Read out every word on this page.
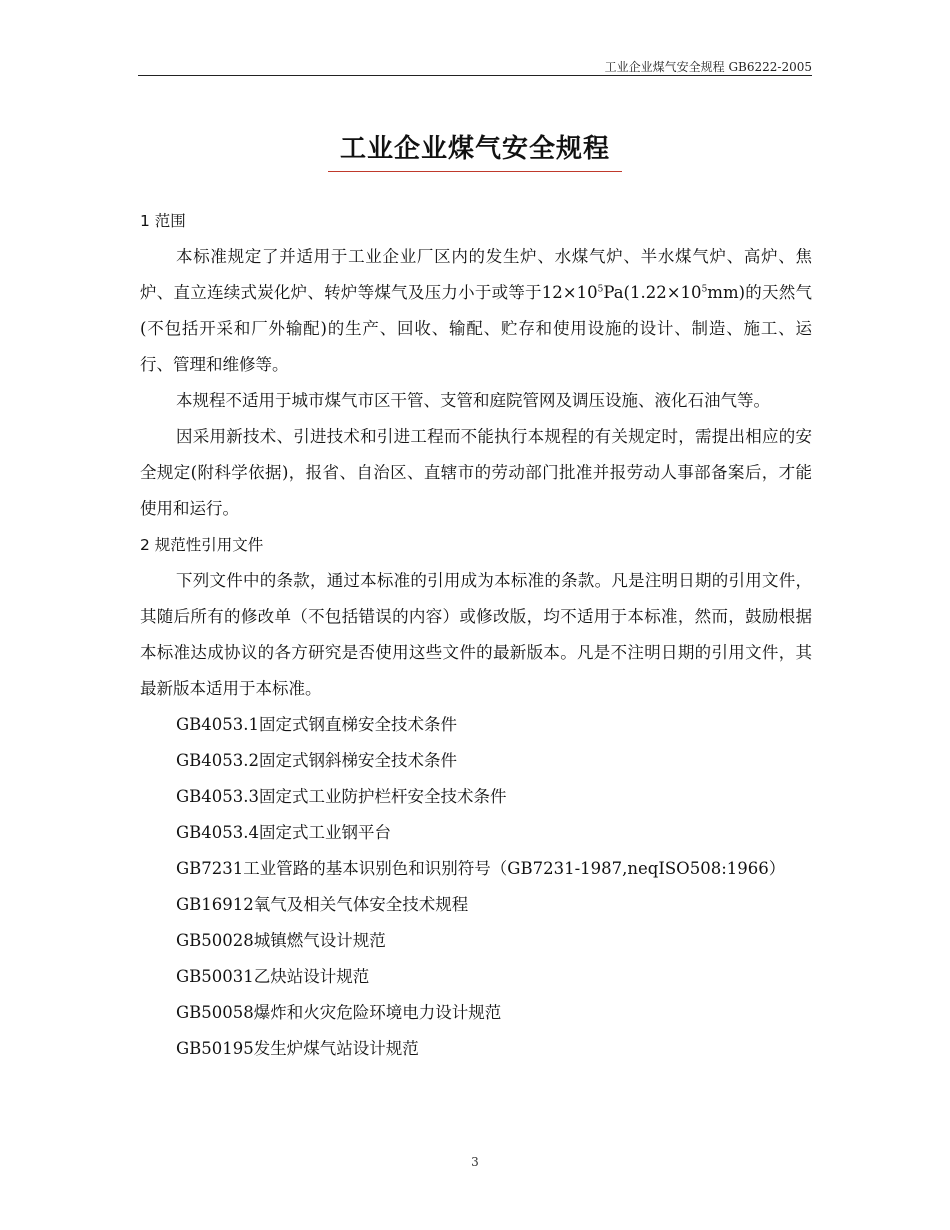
工业企业煤气安全规程 GB6222-2005
工业企业煤气安全规程

1 范围

本标准规定了并适用于工业企业厂区内的发生炉、水煤气炉、半水煤气炉、高炉、焦炉、直立连续式炭化炉、转炉等煤气及压力小于或等于$12\times 10^5Pa(1.22\times 10^5mm)$的天然气(不包括开采和厂外输配)的生产、回收、输配、贮存和使用设施的设计、制造、施工、运行、管理和维修等。

本规程不适用于城市煤气市区干管、支管和庭院管网及调压设施、液化石油气等。

因采用新技术、引进技术和引进工程而不能执行本规程的有关规定时，需提出相应的安全规定(附科学依据)，报省、自治区、直辖市的劳动部门批准并报劳动人事部备案后，才能使用和运行。

2 规范性引用文件

下列文件中的条款，通过本标准的引用成为本标准的条款。凡是注明日期的引用文件，其随后所有的修改单（不包括错误的内容）或修改版，均不适用于本标准，然而，鼓励根据本标准达成协议的各方研究是否使用这些文件的最新版本。凡是不注明日期的引用文件，其最新版本适用于本标准。

GB4053.1固定式钢直梯安全技术条件

GB4053.2固定式钢斜梯安全技术条件

GB4053.3固定式工业防护栏杆安全技术条件

GB4053.4固定式工业钢平台

GB7231工业管路的基本识别色和识别符号（GB7231-1987,neqISO508:1966）

GB16912氧气及相关气体安全技术规程

GB50028城镇燃气设计规范

GB50031乙炔站设计规范

GB50058爆炸和火灾危险环境电力设计规范

GB50195发生炉煤气站设计规范

3
